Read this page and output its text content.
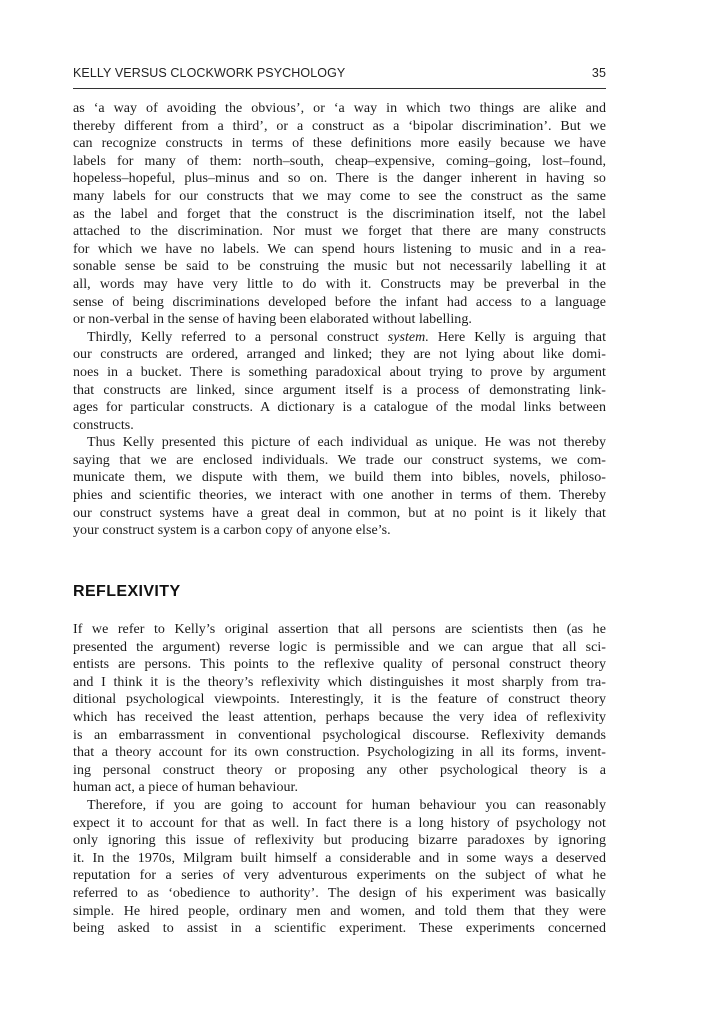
KELLY VERSUS CLOCKWORK PSYCHOLOGY	35
as ‘a way of avoiding the obvious’, or ‘a way in which two things are alike and
thereby different from a third’, or a construct as a ‘bipolar discrimination’. But we
can recognize constructs in terms of these definitions more easily because we have
labels for many of them: north–south, cheap–expensive, coming–going, lost–found,
hopeless–hopeful, plus–minus and so on. There is the danger inherent in having so
many labels for our constructs that we may come to see the construct as the same
as the label and forget that the construct is the discrimination itself, not the label
attached to the discrimination. Nor must we forget that there are many constructs
for which we have no labels. We can spend hours listening to music and in a rea-
sonable sense be said to be construing the music but not necessarily labelling it at
all, words may have very little to do with it. Constructs may be preverbal in the
sense of being discriminations developed before the infant had access to a language
or non-verbal in the sense of having been elaborated without labelling.
Thirdly, Kelly referred to a personal construct system. Here Kelly is arguing that
our constructs are ordered, arranged and linked; they are not lying about like domi-
noes in a bucket. There is something paradoxical about trying to prove by argument
that constructs are linked, since argument itself is a process of demonstrating link-
ages for particular constructs. A dictionary is a catalogue of the modal links between
constructs.
Thus Kelly presented this picture of each individual as unique. He was not thereby
saying that we are enclosed individuals. We trade our construct systems, we com-
municate them, we dispute with them, we build them into bibles, novels, philoso-
phies and scientific theories, we interact with one another in terms of them. Thereby
our construct systems have a great deal in common, but at no point is it likely that
your construct system is a carbon copy of anyone else’s.
REFLEXIVITY
If we refer to Kelly’s original assertion that all persons are scientists then (as he
presented the argument) reverse logic is permissible and we can argue that all sci-
entists are persons. This points to the reflexive quality of personal construct theory
and I think it is the theory’s reflexivity which distinguishes it most sharply from tra-
ditional psychological viewpoints. Interestingly, it is the feature of construct theory
which has received the least attention, perhaps because the very idea of reflexivity
is an embarrassment in conventional psychological discourse. Reflexivity demands
that a theory account for its own construction. Psychologizing in all its forms, invent-
ing personal construct theory or proposing any other psychological theory is a
human act, a piece of human behaviour.
Therefore, if you are going to account for human behaviour you can reasonably
expect it to account for that as well. In fact there is a long history of psychology not
only ignoring this issue of reflexivity but producing bizarre paradoxes by ignoring
it. In the 1970s, Milgram built himself a considerable and in some ways a deserved
reputation for a series of very adventurous experiments on the subject of what he
referred to as ‘obedience to authority’. The design of his experiment was basically
simple. He hired people, ordinary men and women, and told them that they were
being asked to assist in a scientific experiment. These experiments concerned
